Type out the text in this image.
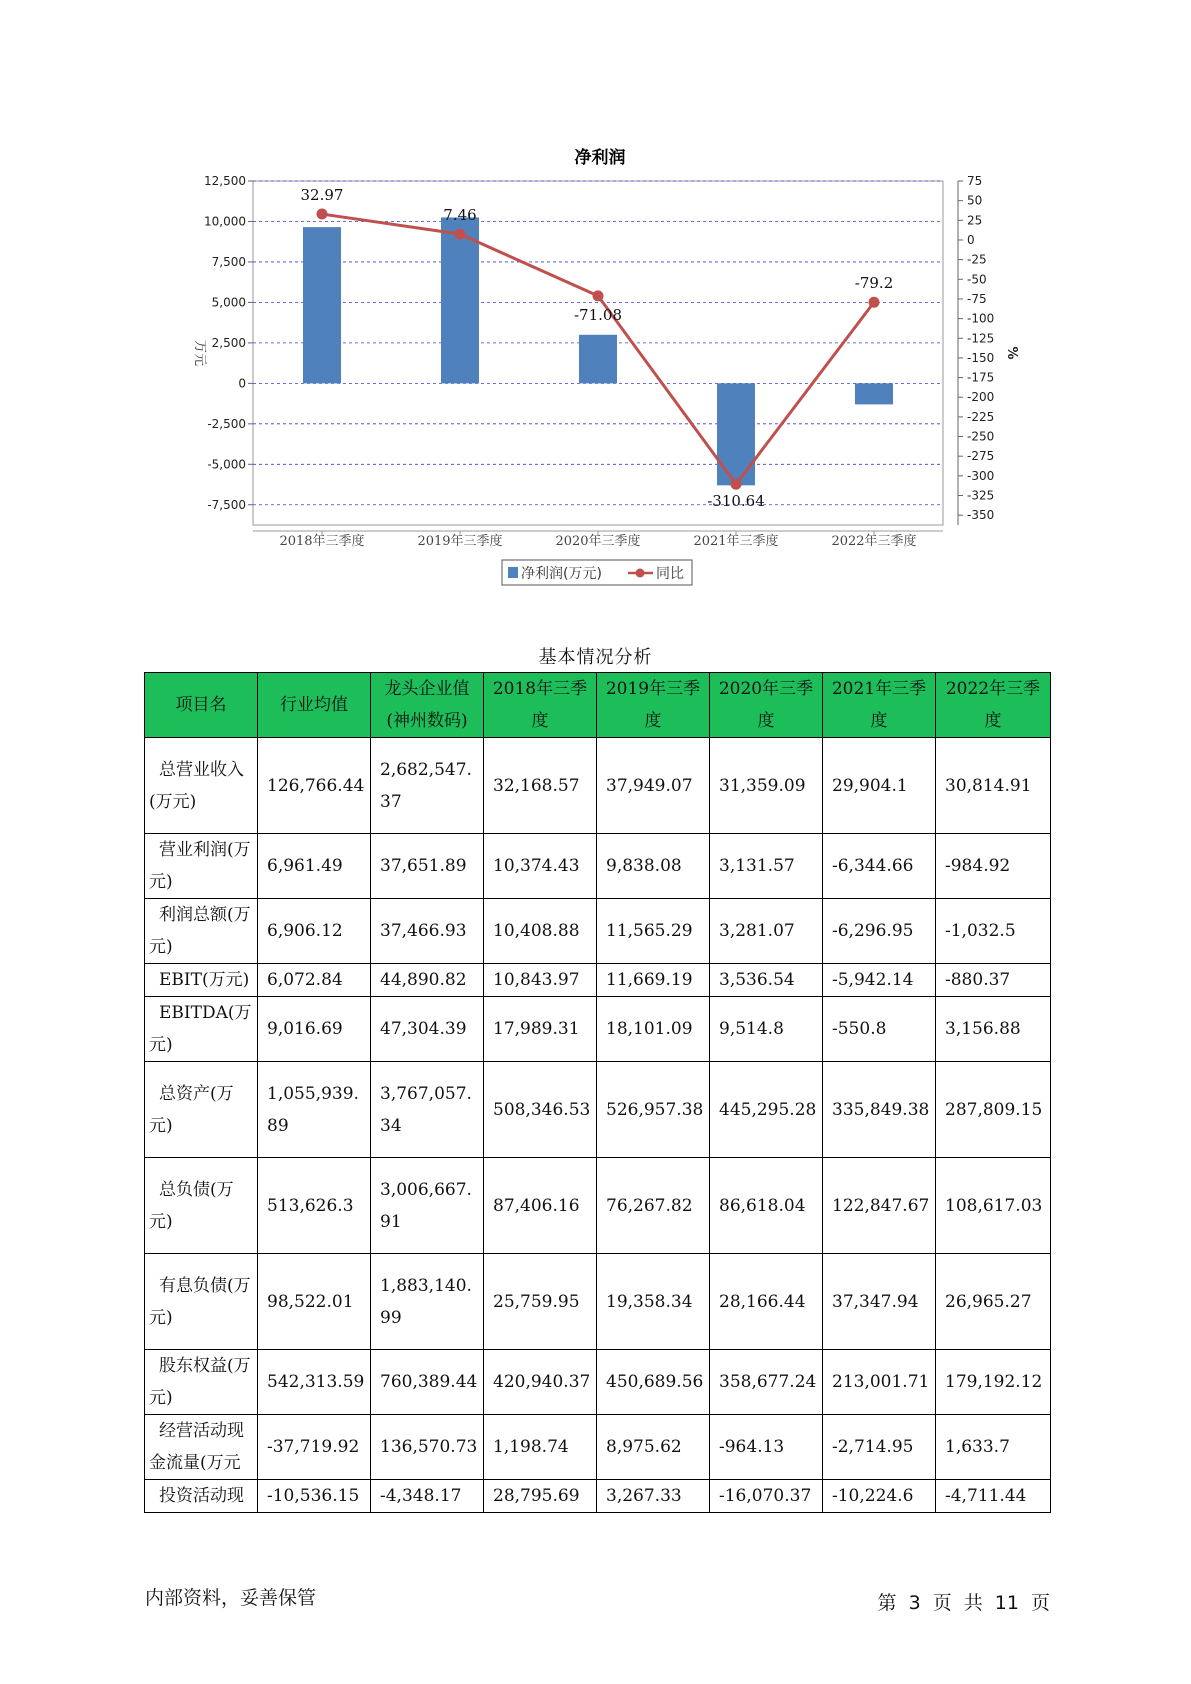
净利润
12,500
10,000
7,500
5,000
2,500
0
-2,500
-5,000
-7,500
万元
75
50
25
0
-25
-50
-75
-100
-125
-150
-175
-200
-225
-250
-275
-300
-325
-350
%
2018年三季度	2019年三季度	2020年三季度	2021年三季度	2022年三季度
32.97
7.46
-71.08
-310.64
-79.2
净利润(万元)	同比
基本情况分析
项目名	行业均值	龙头企业值(神州数码)	2018年三季度	2019年三季度	2020年三季度	2021年三季度	2022年三季度
总营业收入(万元)	126,766.44	2,682,547.37	32,168.57	37,949.07	31,359.09	29,904.1	30,814.91
营业利润(万元)	6,961.49	37,651.89	10,374.43	9,838.08	3,131.57	-6,344.66	-984.92
利润总额(万元)	6,906.12	37,466.93	10,408.88	11,565.29	3,281.07	-6,296.95	-1,032.5
EBIT(万元)	6,072.84	44,890.82	10,843.97	11,669.19	3,536.54	-5,942.14	-880.37
EBITDA(万元)	9,016.69	47,304.39	17,989.31	18,101.09	9,514.8	-550.8	3,156.88
总资产(万元)	1,055,939.89	3,767,057.34	508,346.53	526,957.38	445,295.28	335,849.38	287,809.15
总负债(万元)	513,626.3	3,006,667.91	87,406.16	76,267.82	86,618.04	122,847.67	108,617.03
有息负债(万元)	98,522.01	1,883,140.99	25,759.95	19,358.34	28,166.44	37,347.94	26,965.27
股东权益(万元)	542,313.59	760,389.44	420,940.37	450,689.56	358,677.24	213,001.71	179,192.12
经营活动现金流量(万元	-37,719.92	136,570.73	1,198.74	8,975.62	-964.13	-2,714.95	1,633.7
投资活动现	-10,536.15	-4,348.17	28,795.69	3,267.33	-16,070.37	-10,224.6	-4,711.44
内部资料，妥善保管	第 3 页 共 11 页
